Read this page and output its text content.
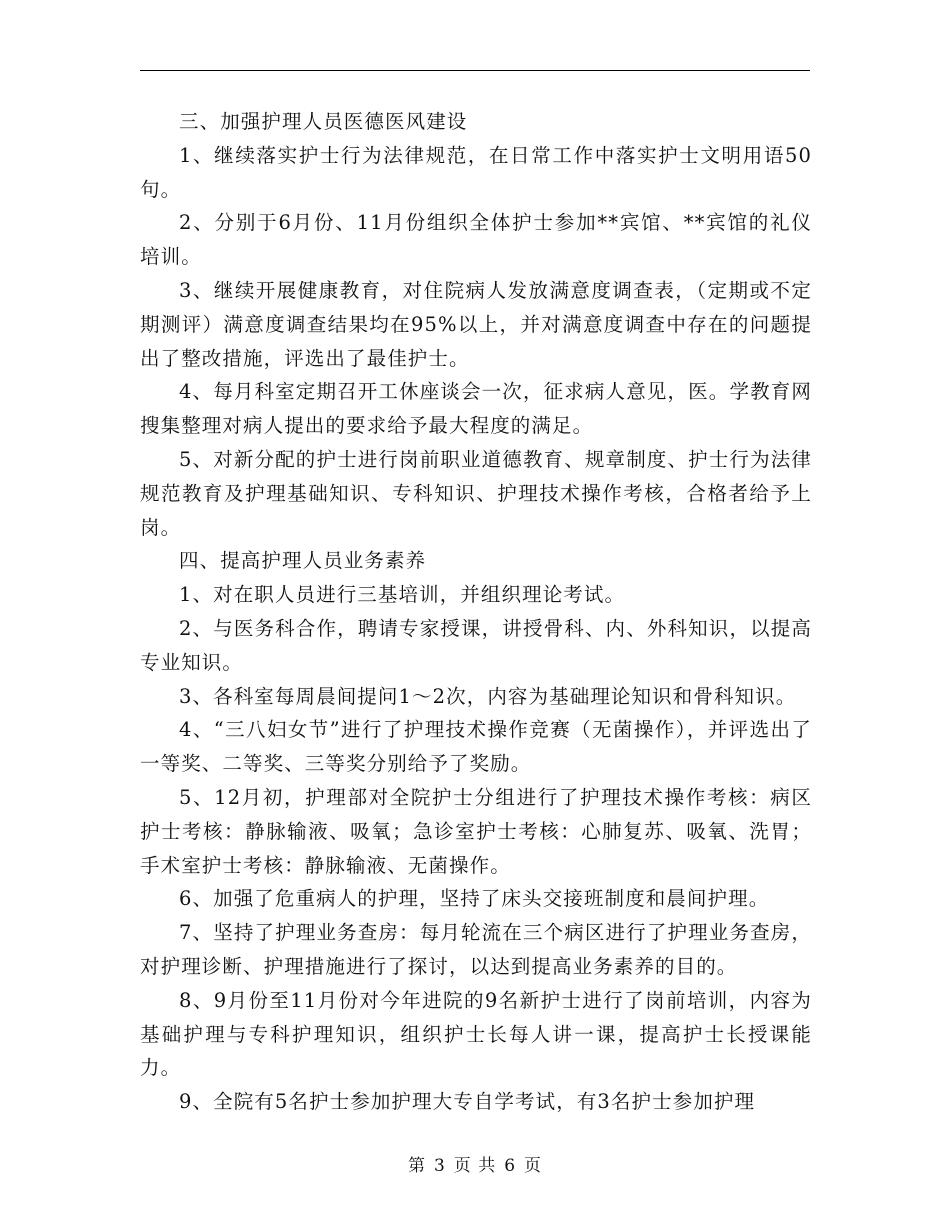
三、加强护理人员医德医风建设

1、继续落实护士行为法律规范，在日常工作中落实护士文明用语50句。

2、分别于6月份、11月份组织全体护士参加**宾馆、**宾馆的礼仪培训。

3、继续开展健康教育，对住院病人发放满意度调查表，（定期或不定期测评）满意度调查结果均在95%以上，并对满意度调查中存在的问题提出了整改措施，评选出了最佳护士。

4、每月科室定期召开工休座谈会一次，征求病人意见，医。学教育网搜集整理对病人提出的要求给予最大程度的满足。

5、对新分配的护士进行岗前职业道德教育、规章制度、护士行为法律规范教育及护理基础知识、专科知识、护理技术操作考核，合格者给予上岗。

四、提高护理人员业务素养

1、对在职人员进行三基培训，并组织理论考试。

2、与医务科合作，聘请专家授课，讲授骨科、内、外科知识，以提高专业知识。

3、各科室每周晨间提问1～2次，内容为基础理论知识和骨科知识。

4、“三八妇女节”进行了护理技术操作竞赛（无菌操作），并评选出了一等奖、二等奖、三等奖分别给予了奖励。

5、12月初，护理部对全院护士分组进行了护理技术操作考核：病区护士考核：静脉输液、吸氧；急诊室护士考核：心肺复苏、吸氧、洗胃；手术室护士考核：静脉输液、无菌操作。

6、加强了危重病人的护理，坚持了床头交接班制度和晨间护理。

7、坚持了护理业务查房：每月轮流在三个病区进行了护理业务查房，对护理诊断、护理措施进行了探讨，以达到提高业务素养的目的。

8、9月份至11月份对今年进院的9名新护士进行了岗前培训，内容为基础护理与专科护理知识，组织护士长每人讲一课，提高护士长授课能力。

9、全院有5名护士参加护理大专自学考试，有3名护士参加护理

第 3 页 共 6 页
